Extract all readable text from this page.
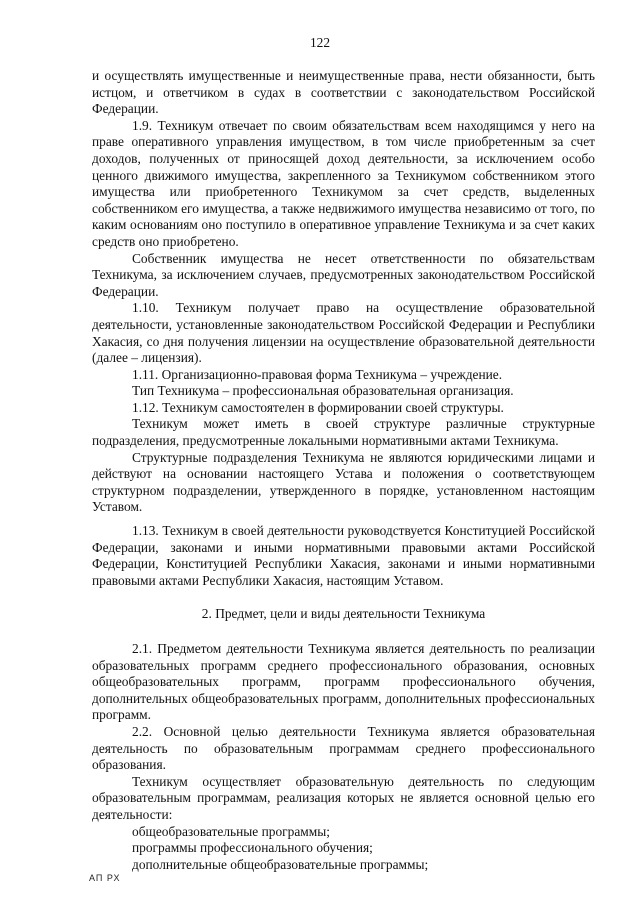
122

и осуществлять имущественные и неимущественные права, нести обязанности, быть истцом, и ответчиком в судах в соответствии с законодательством Российской Федерации.

1.9. Техникум отвечает по своим обязательствам всем находящимся у него на праве оперативного управления имуществом, в том числе приобретенным за счет доходов, полученных от приносящей доход деятельности, за исключением особо ценного движимого имущества, закрепленного за Техникумом собственником этого имущества или приобретенного Техникумом за счет средств, выделенных собственником его имущества, а также недвижимого имущества независимо от того, по каким основаниям оно поступило в оперативное управление Техникума и за счет каких средств оно приобретено.

Собственник имущества не несет ответственности по обязательствам Техникума, за исключением случаев, предусмотренных законодательством Российской Федерации.

1.10. Техникум получает право на осуществление образовательной деятельности, установленные законодательством Российской Федерации и Республики Хакасия, со дня получения лицензии на осуществление образовательной деятельности (далее – лицензия).

1.11. Организационно-правовая форма Техникума – учреждение.

Тип Техникума – профессиональная образовательная организация.

1.12. Техникум самостоятелен в формировании своей структуры.

Техникум может иметь в своей структуре различные структурные подразделения, предусмотренные локальными нормативными актами Техникума.

Структурные подразделения Техникума не являются юридическими лицами и действуют на основании настоящего Устава и положения о соответствующем структурном подразделении, утвержденного в порядке, установленном настоящим Уставом.

1.13. Техникум в своей деятельности руководствуется Конституцией Российской Федерации, законами и иными нормативными правовыми актами Российской Федерации, Конституцией Республики Хакасия, законами и иными нормативными правовыми актами Республики Хакасия, настоящим Уставом.

2. Предмет, цели и виды деятельности Техникума

2.1. Предметом деятельности Техникума является деятельность по реализации образовательных программ среднего профессионального образования, основных общеобразовательных программ, программ профессионального обучения, дополнительных общеобразовательных программ, дополнительных профессиональных программ.

2.2. Основной целью деятельности Техникума является образовательная деятельность по образовательным программам среднего профессионального образования.

Техникум осуществляет образовательную деятельность по следующим образовательным программам, реализация которых не является основной целью его деятельности:

общеобразовательные программы;

программы профессионального обучения;

дополнительные общеобразовательные программы;

АП РХ
